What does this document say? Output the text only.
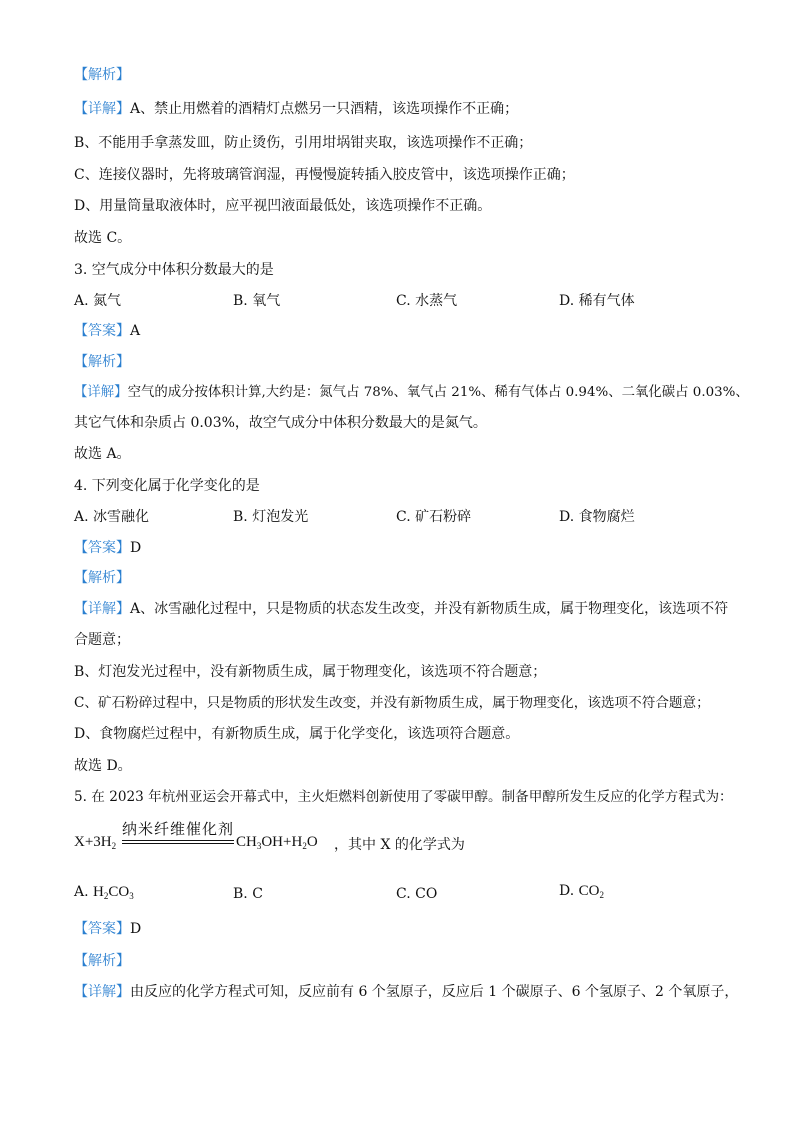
【解析】
【详解】A、禁止用燃着的酒精灯点燃另一只酒精，该选项操作不正确；
B、不能用手拿蒸发皿，防止烫伤，引用坩埚钳夹取，该选项操作不正确；
C、连接仪器时，先将玻璃管润湿，再慢慢旋转插入胶皮管中，该选项操作正确；
D、用量筒量取液体时，应平视凹液面最低处，该选项操作不正确。
故选 C。
3. 空气成分中体积分数最大的是
A. 氮气	B. 氧气	C. 水蒸气	D. 稀有气体
【答案】A
【解析】
【详解】空气的成分按体积计算,大约是：氮气占 78%、氧气占 21%、稀有气体占 0.94%、二氧化碳占 0.03%、
其它气体和杂质占 0.03%，故空气成分中体积分数最大的是氮气。
故选 A。
4. 下列变化属于化学变化的是
A. 冰雪融化	B. 灯泡发光	C. 矿石粉碎	D. 食物腐烂
【答案】D
【解析】
【详解】A、冰雪融化过程中，只是物质的状态发生改变，并没有新物质生成，属于物理变化，该选项不符
合题意；
B、灯泡发光过程中，没有新物质生成，属于物理变化，该选项不符合题意；
C、矿石粉碎过程中，只是物质的形状发生改变，并没有新物质生成，属于物理变化，该选项不符合题意；
D、食物腐烂过程中，有新物质生成，属于化学变化，该选项符合题意。
故选 D。
5. 在 2023 年杭州亚运会开幕式中，主火炬燃料创新使用了零碳甲醇。制备甲醇所发生反应的化学方程式为：
$X+3H_2$
纳米纤维催化剂
$CH_3OH+H_2O$ ，其中 X 的化学式为
A. $H_2CO_3$	B. C	C. CO	D. $CO_2$
【答案】D
【解析】
【详解】由反应的化学方程式可知，反应前有 6 个氢原子，反应后 1 个碳原子、6 个氢原子、2 个氧原子，
